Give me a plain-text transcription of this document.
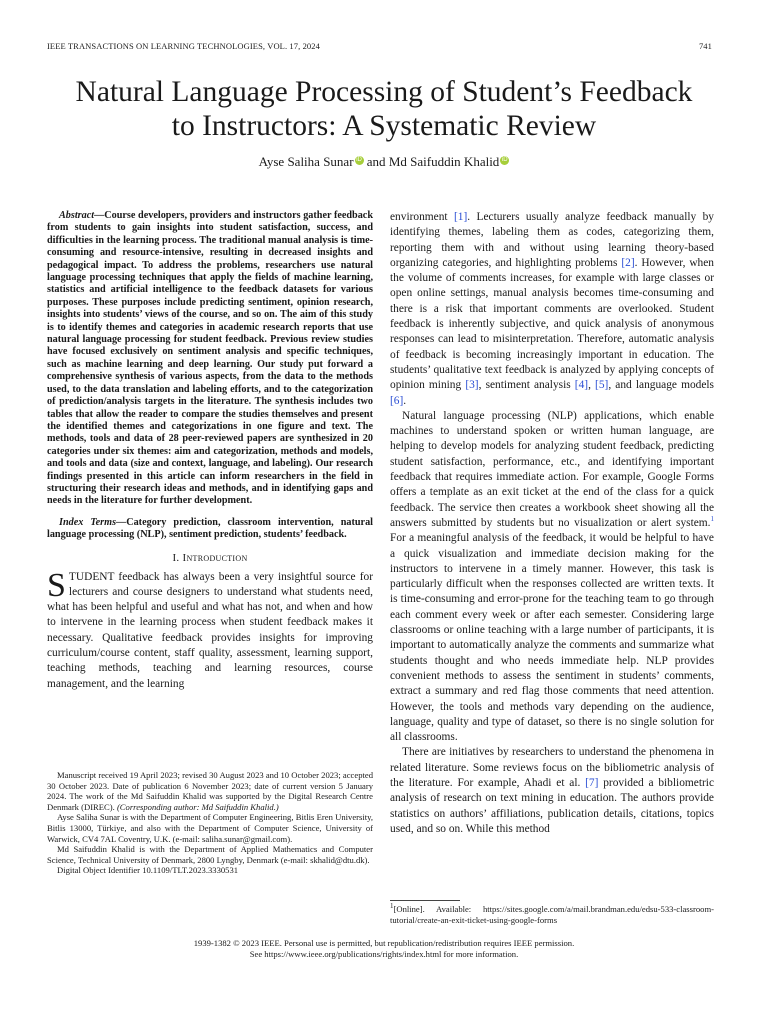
IEEE TRANSACTIONS ON LEARNING TECHNOLOGIES, VOL. 17, 2024	741
Natural Language Processing of Student’s Feedback
to Instructors: A Systematic Review
Ayse Saliha Sunar iD and Md Saifuddin Khalid iD

Abstract—Course developers, providers and instructors gather feedback from students to gain insights into student satisfaction, success, and difficulties in the learning process. The traditional manual analysis is time-consuming and resource-intensive, resulting in decreased insights and pedagogical impact. To address the problems, researchers use natural language processing techniques that apply the fields of machine learning, statistics and artificial intelligence to the feedback datasets for various purposes. These purposes include predicting sentiment, opinion research, insights into students’ views of the course, and so on. The aim of this study is to identify themes and categories in academic research reports that use natural language processing for student feedback. Previous review studies have focused exclusively on sentiment analysis and specific techniques, such as machine learning and deep learning. Our study put forward a comprehensive synthesis of various aspects, from the data to the methods used, to the data translation and labeling efforts, and to the categorization of prediction/analysis targets in the literature. The synthesis includes two tables that allow the reader to compare the studies themselves and present the identified themes and categorizations in one figure and text. The methods, tools and data of 28 peer-reviewed papers are synthesized in 20 categories under six themes: aim and categorization, methods and models, and tools and data (size and context, language, and labeling). Our research findings presented in this article can inform researchers in the field in structuring their research ideas and methods, and in identifying gaps and needs in the literature for further development.

Index Terms—Category prediction, classroom intervention, natural language processing (NLP), sentiment prediction, students’ feedback.

I. Introduction

STUDENT feedback has always been a very insightful source for lecturers and course designers to understand what students need, what has been helpful and useful and what has not, and when and how to intervene in the learning process when student feedback makes it necessary. Qualitative feedback provides insights for improving curriculum/course content, staff quality, assessment, learning support, teaching methods, teaching and learning resources, course management, and the learning

Manuscript received 19 April 2023; revised 30 August 2023 and 10 October 2023; accepted 30 October 2023. Date of publication 6 November 2023; date of current version 5 January 2024. The work of the Md Saifuddin Khalid was supported by the Digital Research Centre Denmark (DIREC). (Corresponding author: Md Saifuddin Khalid.)

Ayse Saliha Sunar is with the Department of Computer Engineering, Bitlis Eren University, Bitlis 13000, Türkiye, and also with the Department of Computer Science, University of Warwick, CV4 7AL Coventry, U.K. (e-mail: saliha.sunar@gmail.com).

Md Saifuddin Khalid is with the Department of Applied Mathematics and Computer Science, Technical University of Denmark, 2800 Lyngby, Denmark (e-mail: skhalid@dtu.dk).

Digital Object Identifier 10.1109/TLT.2023.3330531

environment [1]. Lecturers usually analyze feedback manually by identifying themes, labeling them as codes, categorizing them, reporting them with and without using learning theory-based organizing categories, and highlighting problems [2]. However, when the volume of comments increases, for example with large classes or open online settings, manual analysis becomes time-consuming and there is a risk that important comments are overlooked. Student feedback is inherently subjective, and quick analysis of anonymous responses can lead to misinterpretation. Therefore, automatic analysis of feedback is becoming increasingly important in education. The students’ qualitative text feedback is analyzed by applying concepts of opinion mining [3], sentiment analysis [4], [5], and language models [6].

Natural language processing (NLP) applications, which enable machines to understand spoken or written human language, are helping to develop models for analyzing student feedback, predicting student satisfaction, performance, etc., and identifying important feedback that requires immediate action. For example, Google Forms offers a template as an exit ticket at the end of the class for a quick feedback. The service then creates a workbook sheet showing all the answers submitted by students but no visualization or alert system.$^1$ For a meaningful analysis of the feedback, it would be helpful to have a quick visualization and immediate decision making for the instructors to intervene in a timely manner. However, this task is particularly difficult when the responses collected are written texts. It is time-consuming and error-prone for the teaching team to go through each comment every week or after each semester. Considering large classrooms or online teaching with a large number of participants, it is important to automatically analyze the comments and summarize what students thought and who needs immediate help. NLP provides convenient methods to assess the sentiment in students’ comments, extract a summary and red flag those comments that need attention. However, the tools and methods vary depending on the audience, language, quality and type of dataset, so there is no single solution for all classrooms.

There are initiatives by researchers to understand the phenomena in related literature. Some reviews focus on the bibliometric analysis of the literature. For example, Ahadi et al. [7] provided a bibliometric analysis of research on text mining in education. The authors provide statistics on authors’ affiliations, publication details, citations, topics used, and so on. While this method

$^1$[Online]. Available: https://sites.google.com/a/mail.brandman.edu/edsu-533-classroom-tutorial/create-an-exit-ticket-using-google-forms
1939-1382 © 2023 IEEE. Personal use is permitted, but republication/redistribution requires IEEE permission.
See https://www.ieee.org/publications/rights/index.html for more information.
